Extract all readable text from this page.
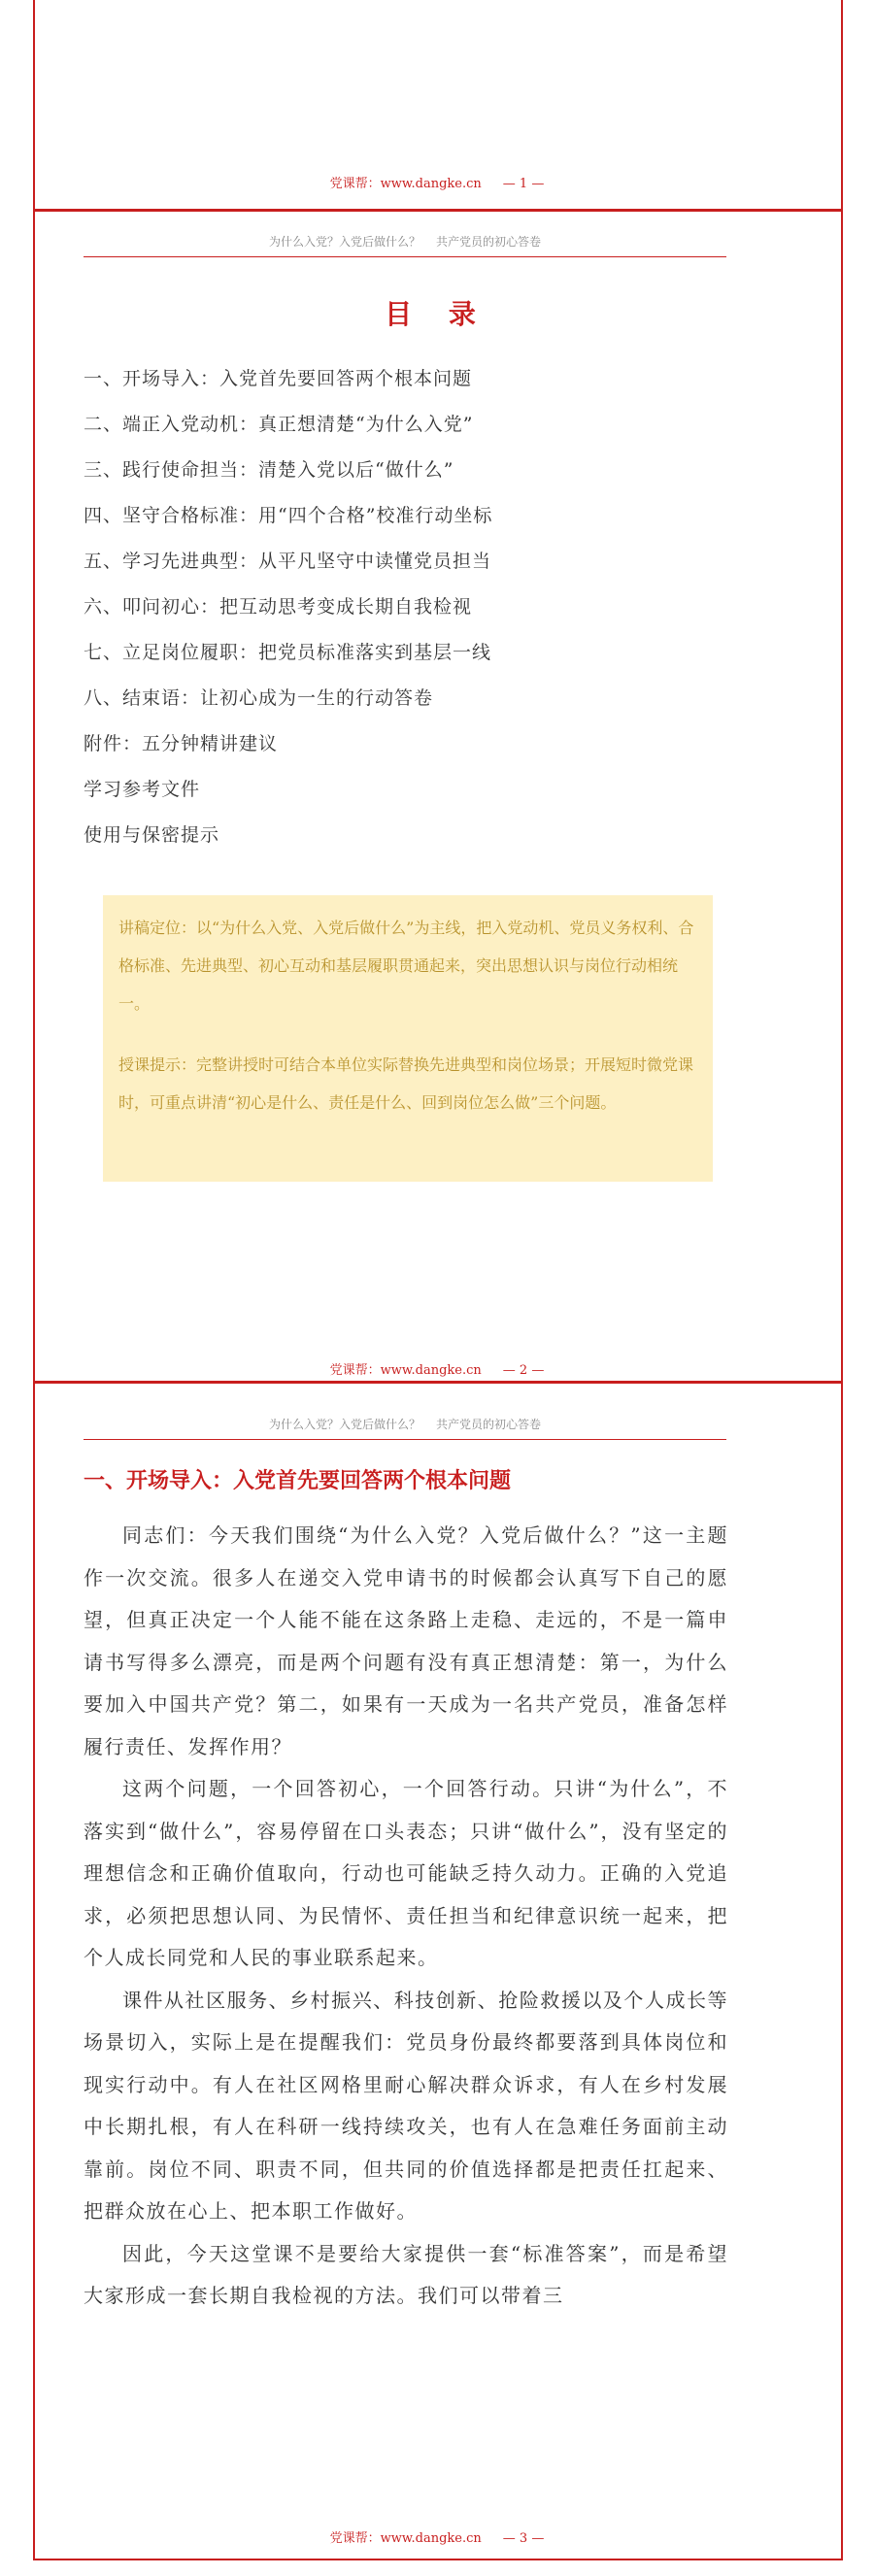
党课帮：www.dangke.cn — 1 —
为什么入党？入党后做什么？ 共产党员的初心答卷
目 录
一、开场导入：入党首先要回答两个根本问题
二、端正入党动机：真正想清楚“为什么入党”
三、践行使命担当：清楚入党以后“做什么”
四、坚守合格标准：用“四个合格”校准行动坐标
五、学习先进典型：从平凡坚守中读懂党员担当
六、叩问初心：把互动思考变成长期自我检视
七、立足岗位履职：把党员标准落实到基层一线
八、结束语：让初心成为一生的行动答卷
附件：五分钟精讲建议
学习参考文件
使用与保密提示

讲稿定位：以“为什么入党、入党后做什么”为主线，把入党动机、党员义务权利、合格标准、先进典型、初心互动和基层履职贯通起来，突出思想认识与岗位行动相统一。

授课提示：完整讲授时可结合本单位实际替换先进典型和岗位场景；开展短时微党课时，可重点讲清“初心是什么、责任是什么、回到岗位怎么做”三个问题。

党课帮：www.dangke.cn — 2 —
为什么入党？入党后做什么？ 共产党员的初心答卷
一、开场导入：入党首先要回答两个根本问题

同志们：今天我们围绕“为什么入党？入党后做什么？”这一主题作一次交流。很多人在递交入党申请书的时候都会认真写下自己的愿望，但真正决定一个人能不能在这条路上走稳、走远的，不是一篇申请书写得多么漂亮，而是两个问题有没有真正想清楚：第一，为什么要加入中国共产党？第二，如果有一天成为一名共产党员，准备怎样履行责任、发挥作用？

这两个问题，一个回答初心，一个回答行动。只讲“为什么”，不落实到“做什么”，容易停留在口头表态；只讲“做什么”，没有坚定的理想信念和正确价值取向，行动也可能缺乏持久动力。正确的入党追求，必须把思想认同、为民情怀、责任担当和纪律意识统一起来，把个人成长同党和人民的事业联系起来。

课件从社区服务、乡村振兴、科技创新、抢险救援以及个人成长等场景切入，实际上是在提醒我们：党员身份最终都要落到具体岗位和现实行动中。有人在社区网格里耐心解决群众诉求，有人在乡村发展中长期扎根，有人在科研一线持续攻关，也有人在急难任务面前主动靠前。岗位不同、职责不同，但共同的价值选择都是把责任扛起来、把群众放在心上、把本职工作做好。

因此，今天这堂课不是要给大家提供一套“标准答案”，而是希望大家形成一套长期自我检视的方法。我们可以带着三

党课帮：www.dangke.cn — 3 —
